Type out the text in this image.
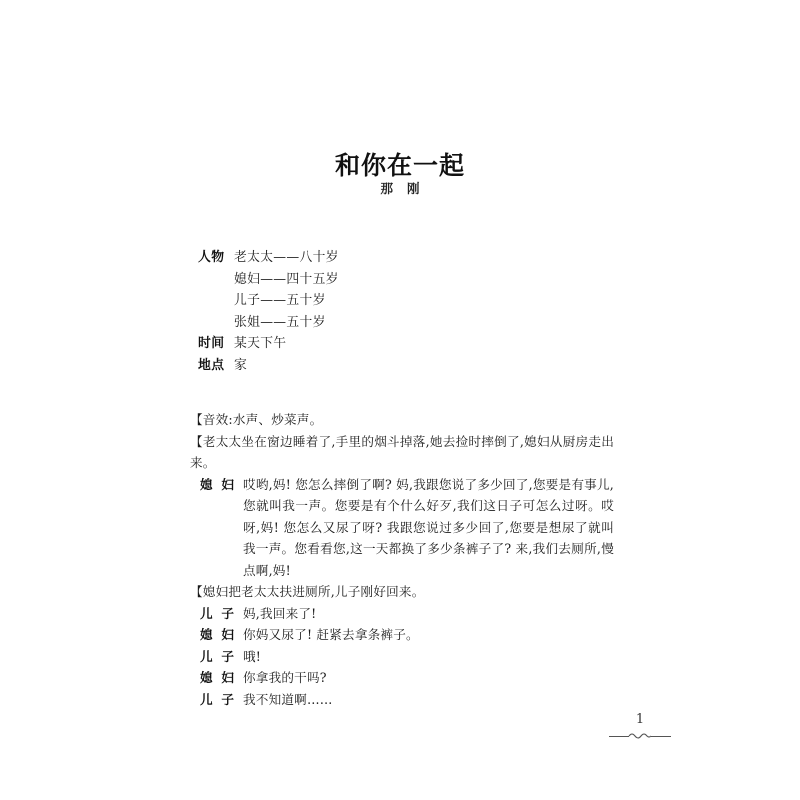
和你在一起
那 刚
人物 老太太——八十岁
媳妇——四十五岁
儿子——五十岁
张姐——五十岁
时间 某天下午
地点 家

【音效:水声、炒菜声。

【老太太坐在窗边睡着了,手里的烟斗掉落,她去捡时摔倒了,媳妇从厨房走出来。

媳 妇 哎哟,妈! 您怎么摔倒了啊? 妈,我跟您说了多少回了,您要是有事儿,您就叫我一声。您要是有个什么好歹,我们这日子可怎么过呀。哎呀,妈! 您怎么又尿了呀? 我跟您说过多少回了,您要是想尿了就叫我一声。您看看您,这一天都换了多少条裤子了? 来,我们去厕所,慢点啊,妈!

【媳妇把老太太扶进厕所,儿子刚好回来。

儿 子 妈,我回来了!
媳 妇 你妈又尿了! 赶紧去拿条裤子。
儿 子 哦!
媳 妇 你拿我的干吗?
儿 子 我不知道啊……
1
